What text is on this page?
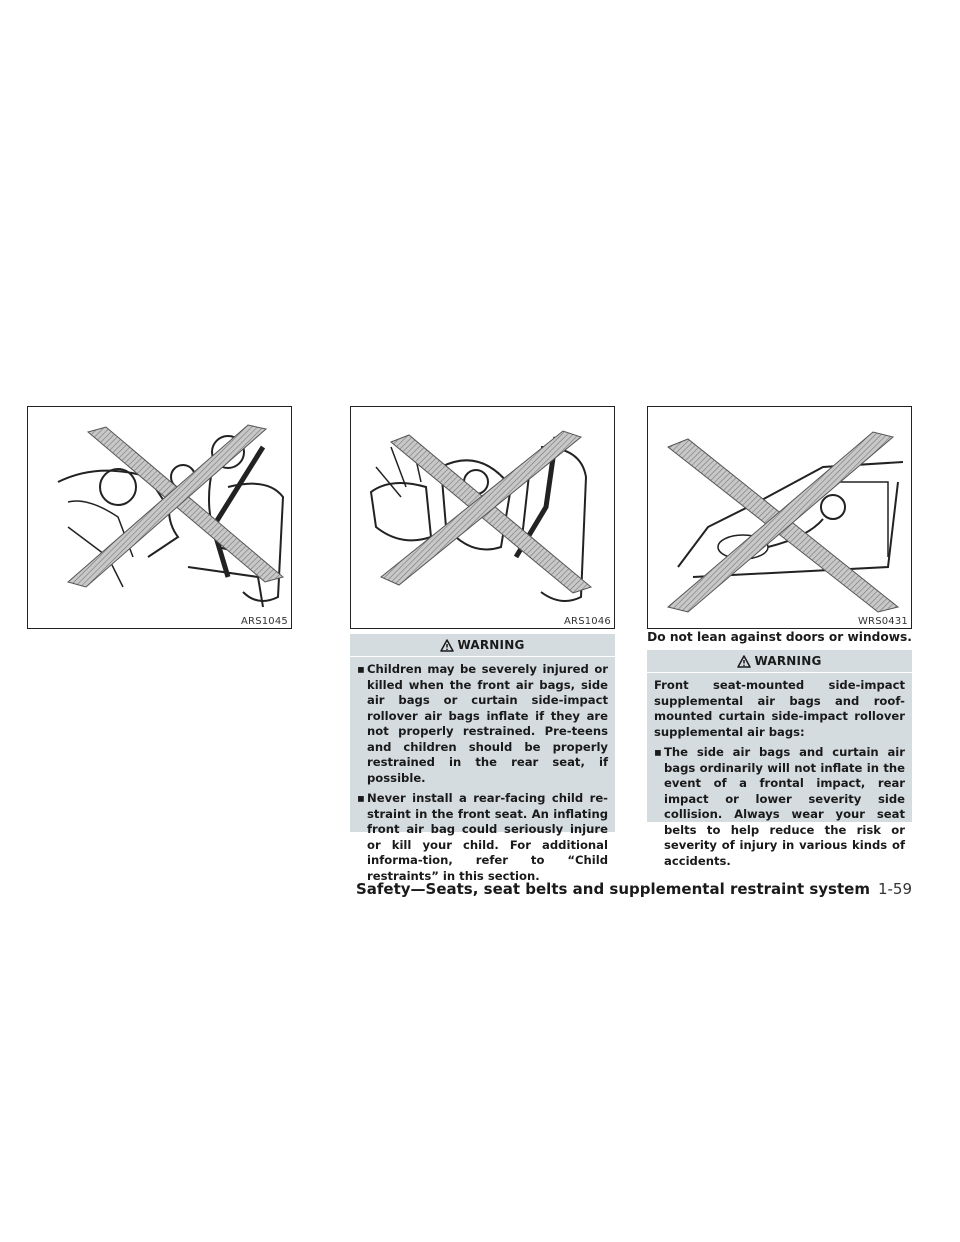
ARS1045	ARS1046	WRS0431
Do not lean against doors or windows.
WARNING
▪ Children may be severely injured or killed when the front air bags, side air bags or curtain side-impact rollover air bags inflate if they are not properly restrained. Pre-teens and children should be properly restrained in the rear seat, if possible.
▪ Never install a rear-facing child re-straint in the front seat. An inflating front air bag could seriously injure or kill your child. For additional informa-tion, refer to “Child restraints” in this section.
WARNING
Front seat-mounted side-impact supplemental air bags and roof-mounted curtain side-impact rollover supplemental air bags:
▪ The side air bags and curtain air bags ordinarily will not inflate in the event of a frontal impact, rear impact or lower severity side collision. Always wear your seat belts to help reduce the risk or severity of injury in various kinds of accidents.
Safety—Seats, seat belts and supplemental restraint system 1-59
